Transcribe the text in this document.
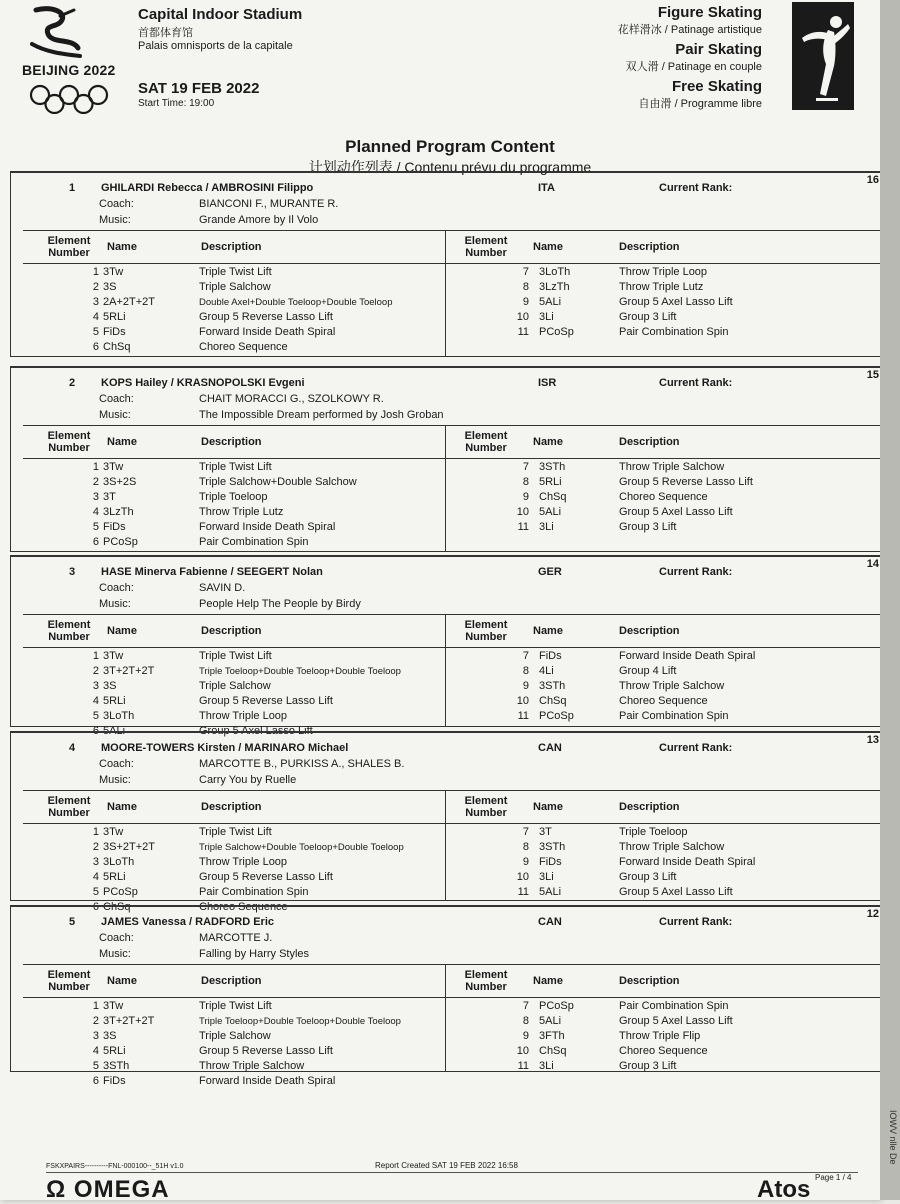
BEIJING 2022
Capital Indoor Stadium
首都体育馆
Palais omnisports de la capitale
SAT 19 FEB 2022
Start Time: 19:00
Figure Skating
花样滑冰 / Patinage artistique
Pair Skating
双人滑 / Patinage en couple
Free Skating
自由滑 / Programme libre
Planned Program Content
计划动作列表 / Contenu prévu du programme
1 GHILARDI Rebecca / AMBROSINI Filippo	ITA	Current Rank:
16
Coach:	BIANCONI F., MURANTE R.
Music:	Grande Amore by Il Volo
Element Number	Name	Description	Element Number	Name	Description
1 3Tw	Triple Twist Lift
2 3S	Triple Salchow
3 2A+2T+2T	Double Axel+Double Toeloop+Double Toeloop
4 5RLi	Group 5 Reverse Lasso Lift
5 FiDs	Forward Inside Death Spiral
6 ChSq	Choreo Sequence
7 3LoTh	Throw Triple Loop
8 3LzTh	Throw Triple Lutz
9 5ALi	Group 5 Axel Lasso Lift
10 3Li	Group 3 Lift
11 PCoSp	Pair Combination Spin
2 KOPS Hailey / KRASNOPOLSKI Evgeni	ISR	Current Rank:
15
Coach:	CHAIT MORACCI G., SZOLKOWY R.
Music:	The Impossible Dream performed by Josh Groban
Element Number	Name	Description	Element Number	Name	Description
1 3Tw	Triple Twist Lift
2 3S+2S	Triple Salchow+Double Salchow
3 3T	Triple Toeloop
4 3LzTh	Throw Triple Lutz
5 FiDs	Forward Inside Death Spiral
6 PCoSp	Pair Combination Spin
7 3STh	Throw Triple Salchow
8 5RLi	Group 5 Reverse Lasso Lift
9 ChSq	Choreo Sequence
10 5ALi	Group 5 Axel Lasso Lift
11 3Li	Group 3 Lift
3 HASE Minerva Fabienne / SEEGERT Nolan	GER	Current Rank:
14
Coach:	SAVIN D.
Music:	People Help The People by Birdy
Element Number	Name	Description	Element Number	Name	Description
1 3Tw	Triple Twist Lift
2 3T+2T+2T	Triple Toeloop+Double Toeloop+Double Toeloop
3 3S	Triple Salchow
4 5RLi	Group 5 Reverse Lasso Lift
5 3LoTh	Throw Triple Loop
6 5ALi	Group 5 Axel Lasso Lift
7 FiDs	Forward Inside Death Spiral
8 4Li	Group 4 Lift
9 3STh	Throw Triple Salchow
10 ChSq	Choreo Sequence
11 PCoSp	Pair Combination Spin
4 MOORE-TOWERS Kirsten / MARINARO Michael	CAN	Current Rank:
13
Coach:	MARCOTTE B., PURKISS A., SHALES B.
Music:	Carry You by Ruelle
Element Number	Name	Description	Element Number	Name	Description
1 3Tw	Triple Twist Lift
2 3S+2T+2T	Triple Salchow+Double Toeloop+Double Toeloop
3 3LoTh	Throw Triple Loop
4 5RLi	Group 5 Reverse Lasso Lift
5 PCoSp	Pair Combination Spin
6 ChSq	Choreo Sequence
7 3T	Triple Toeloop
8 3STh	Throw Triple Salchow
9 FiDs	Forward Inside Death Spiral
10 3Li	Group 3 Lift
11 5ALi	Group 5 Axel Lasso Lift
5 JAMES Vanessa / RADFORD Eric	CAN	Current Rank:
12
Coach:	MARCOTTE J.
Music:	Falling by Harry Styles
Element Number	Name	Description	Element Number	Name	Description
1 3Tw	Triple Twist Lift
2 3T+2T+2T	Triple Toeloop+Double Toeloop+Double Toeloop
3 3S	Triple Salchow
4 5RLi	Group 5 Reverse Lasso Lift
5 3STh	Throw Triple Salchow
6 FiDs	Forward Inside Death Spiral
7 PCoSp	Pair Combination Spin
8 5ALi	Group 5 Axel Lasso Lift
9 3FTh	Throw Triple Flip
10 ChSq	Choreo Sequence
11 3Li	Group 3 Lift
FSKXPAIRS----------FNL-000100--_51H v1.0	Report Created SAT 19 FEB 2022 16:58
Page 1 / 4
Ω OMEGA	Atos
IOWV nlle De
